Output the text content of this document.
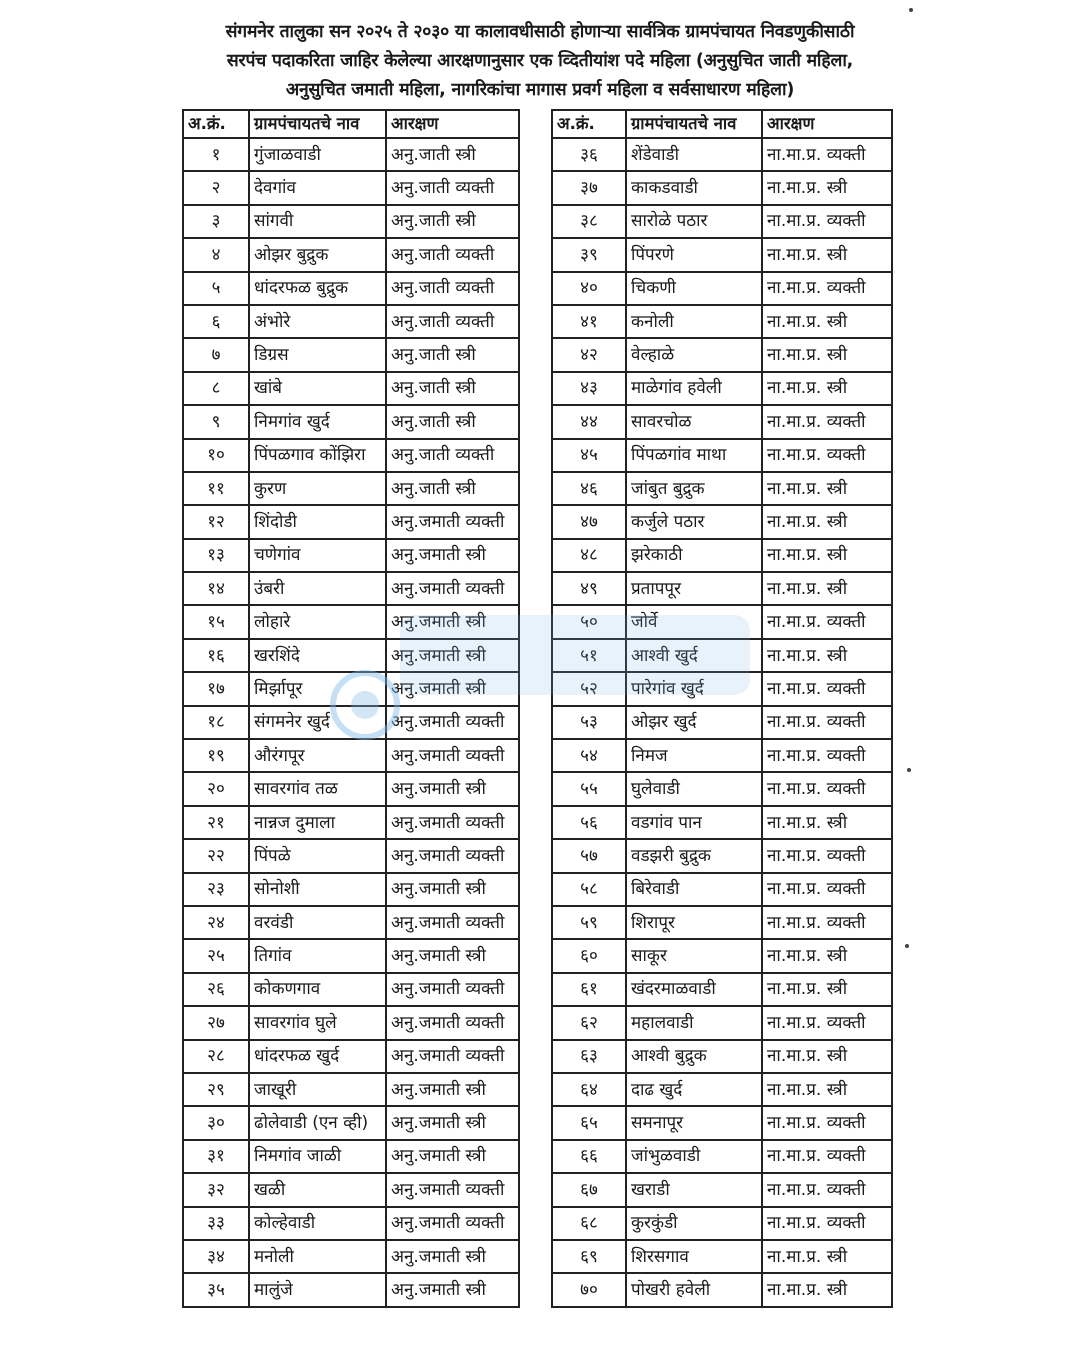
संगमनेर तालुका सन २०२५ ते २०३० या कालावधीसाठी होणाऱ्या सार्वत्रिक ग्रामपंचायत निवडणुकीसाठी
सरपंच पदाकरिता जाहिर केलेल्या आरक्षणानुसार एक व्दितीयांश पदे महिला (अनुसुचित जाती महिला,
अनुसुचित जमाती महिला, नागरिकांचा मागास प्रवर्ग महिला व सर्वसाधारण महिला)
अ.क्रं.	ग्रामपंचायतचे नाव	आरक्षण
१	गुंजाळवाडी	अनु.जाती स्त्री
२	देवगांव	अनु.जाती व्यक्ती
३	सांगवी	अनु.जाती स्त्री
४	ओझर बुद्रुक	अनु.जाती व्यक्ती
५	धांदरफळ बुद्रुक	अनु.जाती व्यक्ती
६	अंभोरे	अनु.जाती व्यक्ती
७	डिग्रस	अनु.जाती स्त्री
८	खांबे	अनु.जाती स्त्री
९	निमगांव खुर्द	अनु.जाती स्त्री
१०	पिंपळगाव कोंझिरा	अनु.जाती व्यक्ती
११	कुरण	अनु.जाती स्त्री
१२	शिंदोडी	अनु.जमाती व्यक्ती
१३	चणेगांव	अनु.जमाती स्त्री
१४	उंबरी	अनु.जमाती व्यक्ती
१५	लोहारे	अनु.जमाती स्त्री
१६	खरशिंदे	अनु.जमाती स्त्री
१७	मिर्झापूर	अनु.जमाती स्त्री
१८	संगमनेर खुर्द	अनु.जमाती व्यक्ती
१९	औरंगपूर	अनु.जमाती व्यक्ती
२०	सावरगांव तळ	अनु.जमाती स्त्री
२१	नान्नज दुमाला	अनु.जमाती व्यक्ती
२२	पिंपळे	अनु.जमाती व्यक्ती
२३	सोनोशी	अनु.जमाती स्त्री
२४	वरवंडी	अनु.जमाती व्यक्ती
२५	तिगांव	अनु.जमाती स्त्री
२६	कोकणगाव	अनु.जमाती व्यक्ती
२७	सावरगांव घुले	अनु.जमाती व्यक्ती
२८	धांदरफळ खुर्द	अनु.जमाती व्यक्ती
२९	जाखूरी	अनु.जमाती स्त्री
३०	ढोलेवाडी (एन व्ही)	अनु.जमाती स्त्री
३१	निमगांव जाळी	अनु.जमाती स्त्री
३२	खळी	अनु.जमाती व्यक्ती
३३	कोल्हेवाडी	अनु.जमाती व्यक्ती
३४	मनोली	अनु.जमाती स्त्री
३५	मालुंजे	अनु.जमाती स्त्री
अ.क्रं.	ग्रामपंचायतचे नाव	आरक्षण
३६	शेंडेवाडी	ना.मा.प्र. व्यक्ती
३७	काकडवाडी	ना.मा.प्र. स्त्री
३८	सारोळे पठार	ना.मा.प्र. व्यक्ती
३९	पिंपरणे	ना.मा.प्र. स्त्री
४०	चिकणी	ना.मा.प्र. व्यक्ती
४१	कनोली	ना.मा.प्र. स्त्री
४२	वेल्हाळे	ना.मा.प्र. स्त्री
४३	माळेगांव हवेली	ना.मा.प्र. स्त्री
४४	सावरचोळ	ना.मा.प्र. व्यक्ती
४५	पिंपळगांव माथा	ना.मा.प्र. व्यक्ती
४६	जांबुत बुद्रुक	ना.मा.प्र. स्त्री
४७	कर्जुले पठार	ना.मा.प्र. स्त्री
४८	झरेकाठी	ना.मा.प्र. स्त्री
४९	प्रतापपूर	ना.मा.प्र. स्त्री
५०	जोर्वे	ना.मा.प्र. व्यक्ती
५१	आश्वी खुर्द	ना.मा.प्र. स्त्री
५२	पारेगांव खुर्द	ना.मा.प्र. व्यक्ती
५३	ओझर खुर्द	ना.मा.प्र. व्यक्ती
५४	निमज	ना.मा.प्र. व्यक्ती
५५	घुलेवाडी	ना.मा.प्र. व्यक्ती
५६	वडगांव पान	ना.मा.प्र. स्त्री
५७	वडझरी बुद्रुक	ना.मा.प्र. व्यक्ती
५८	बिरेवाडी	ना.मा.प्र. व्यक्ती
५९	शिरापूर	ना.मा.प्र. व्यक्ती
६०	साकूर	ना.मा.प्र. स्त्री
६१	खंदरमाळवाडी	ना.मा.प्र. स्त्री
६२	महालवाडी	ना.मा.प्र. व्यक्ती
६३	आश्वी बुद्रुक	ना.मा.प्र. स्त्री
६४	दाढ खुर्द	ना.मा.प्र. स्त्री
६५	समनापूर	ना.मा.प्र. व्यक्ती
६६	जांभुळवाडी	ना.मा.प्र. व्यक्ती
६७	खराडी	ना.मा.प्र. व्यक्ती
६८	कुरकुंडी	ना.मा.प्र. व्यक्ती
६९	शिरसगाव	ना.मा.प्र. स्त्री
७०	पोखरी हवेली	ना.मा.प्र. स्त्री
